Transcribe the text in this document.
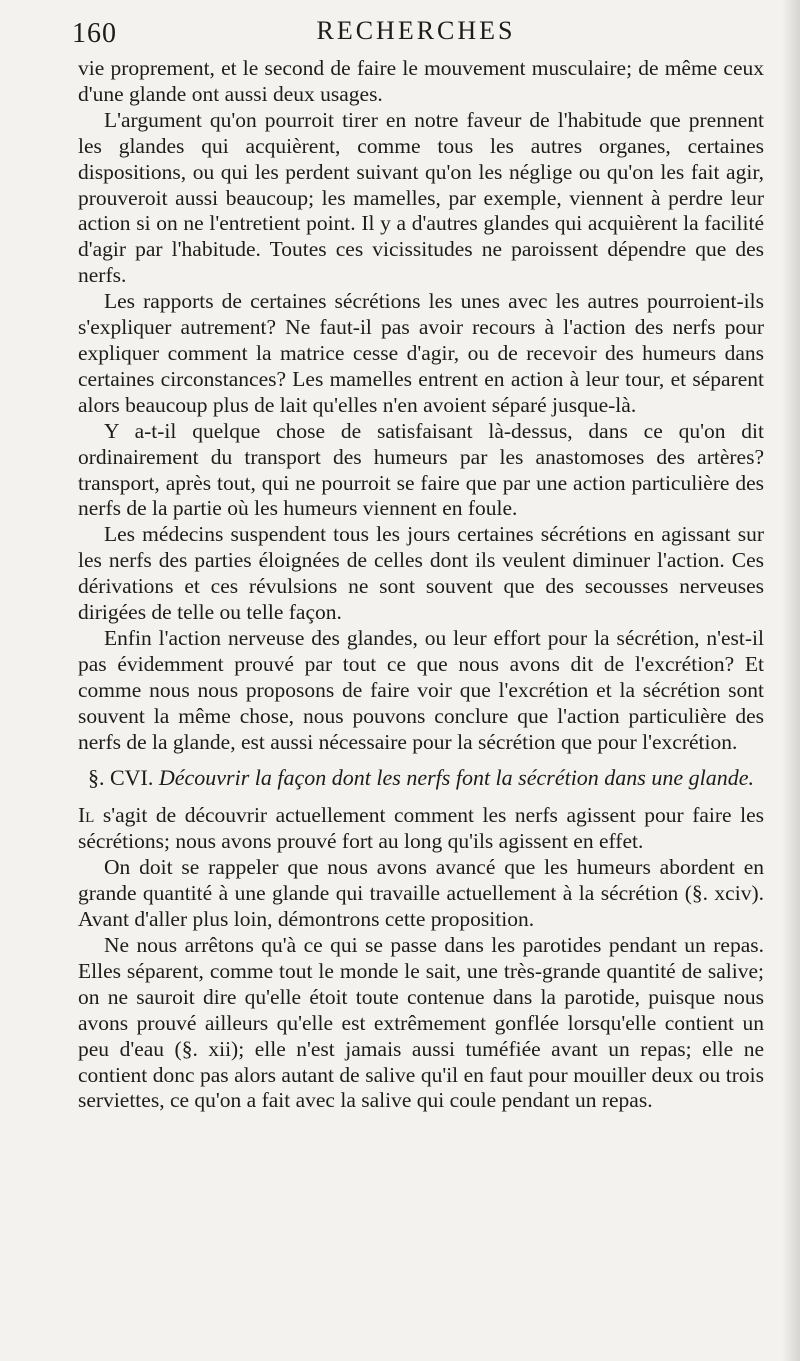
160	RECHERCHES

vie proprement, et le second de faire le mouvement musculaire; de même ceux d'une glande ont aussi deux usages.

L'argument qu'on pourroit tirer en notre faveur de l'habitude que prennent les glandes qui acquièrent, comme tous les autres organes, certaines dispositions, ou qui les perdent suivant qu'on les néglige ou qu'on les fait agir, prouveroit aussi beaucoup; les mamelles, par exemple, viennent à perdre leur action si on ne l'entretient point. Il y a d'autres glandes qui acquièrent la facilité d'agir par l'habitude. Toutes ces vicissitudes ne paroissent dépendre que des nerfs.

Les rapports de certaines sécrétions les unes avec les autres pourroient-ils s'expliquer autrement? Ne faut-il pas avoir recours à l'action des nerfs pour expliquer comment la matrice cesse d'agir, ou de recevoir des humeurs dans certaines circonstances? Les mamelles entrent en action à leur tour, et séparent alors beaucoup plus de lait qu'elles n'en avoient séparé jusque-là.

Y a-t-il quelque chose de satisfaisant là-dessus, dans ce qu'on dit ordinairement du transport des humeurs par les anastomoses des artères? transport, après tout, qui ne pourroit se faire que par une action particulière des nerfs de la partie où les humeurs viennent en foule.

Les médecins suspendent tous les jours certaines sécrétions en agissant sur les nerfs des parties éloignées de celles dont ils veulent diminuer l'action. Ces dérivations et ces révulsions ne sont souvent que des secousses nerveuses dirigées de telle ou telle façon.

Enfin l'action nerveuse des glandes, ou leur effort pour la sécrétion, n'est-il pas évidemment prouvé par tout ce que nous avons dit de l'excrétion? Et comme nous nous proposons de faire voir que l'excrétion et la sécrétion sont souvent la même chose, nous pouvons conclure que l'action particulière des nerfs de la glande, est aussi nécessaire pour la sécrétion que pour l'excrétion.

§. CVI. Découvrir la façon dont les nerfs font la sécrétion dans une glande.

Il s'agit de découvrir actuellement comment les nerfs agissent pour faire les sécrétions; nous avons prouvé fort au long qu'ils agissent en effet.

On doit se rappeler que nous avons avancé que les humeurs abordent en grande quantité à une glande qui travaille actuellement à la sécrétion (§. xciv). Avant d'aller plus loin, démontrons cette proposition.

Ne nous arrêtons qu'à ce qui se passe dans les parotides pendant un repas. Elles séparent, comme tout le monde le sait, une très-grande quantité de salive; on ne sauroit dire qu'elle étoit toute contenue dans la parotide, puisque nous avons prouvé ailleurs qu'elle est extrêmement gonflée lorsqu'elle contient un peu d'eau (§. xii); elle n'est jamais aussi tuméfiée avant un repas; elle ne contient donc pas alors autant de salive qu'il en faut pour mouiller deux ou trois serviettes, ce qu'on a fait avec la salive qui coule pendant un repas.
